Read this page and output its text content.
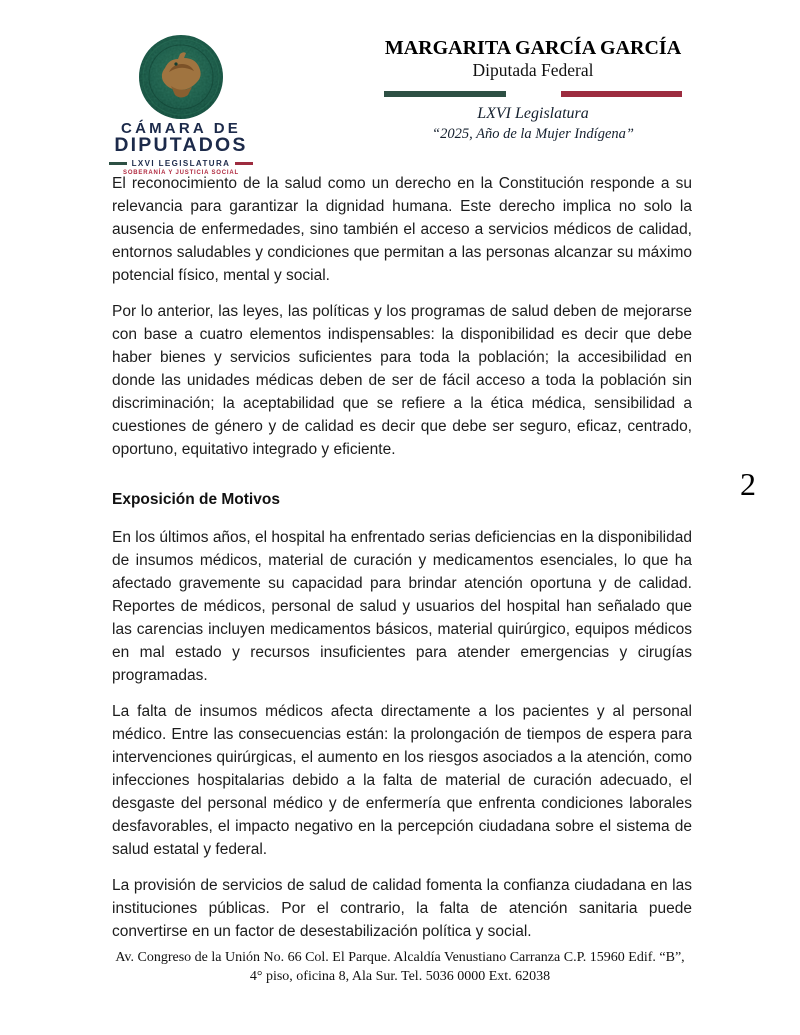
CÁMARA DE
DIPUTADOS
LXVI LEGISLATURA
SOBERANÍA Y JUSTICIA SOCIAL
MARGARITA GARCÍA GARCÍA
Diputada Federal
LXVI Legislatura
“2025, Año de la Mujer Indígena”
2

El reconocimiento de la salud como un derecho en la Constitución responde a su relevancia para garantizar la dignidad humana. Este derecho implica no solo la ausencia de enfermedades, sino también el acceso a servicios médicos de calidad, entornos saludables y condiciones que permitan a las personas alcanzar su máximo potencial físico, mental y social.

Por lo anterior, las leyes, las políticas y los programas de salud deben de mejorarse con base a cuatro elementos indispensables: la disponibilidad es decir que debe haber bienes y servicios suficientes para toda la población; la accesibilidad en donde las unidades médicas deben de ser de fácil acceso a toda la población sin discriminación; la aceptabilidad que se refiere a la ética médica, sensibilidad a cuestiones de género y de calidad es decir que debe ser seguro, eficaz, centrado, oportuno, equitativo integrado y eficiente.

Exposición de Motivos

En los últimos años, el hospital ha enfrentado serias deficiencias en la disponibilidad de insumos médicos, material de curación y medicamentos esenciales, lo que ha afectado gravemente su capacidad para brindar atención oportuna y de calidad. Reportes de médicos, personal de salud y usuarios del hospital han señalado que las carencias incluyen medicamentos básicos, material quirúrgico, equipos médicos en mal estado y recursos insuficientes para atender emergencias y cirugías programadas.

La falta de insumos médicos afecta directamente a los pacientes y al personal médico. Entre las consecuencias están: la prolongación de tiempos de espera para intervenciones quirúrgicas, el aumento en los riesgos asociados a la atención, como infecciones hospitalarias debido a la falta de material de curación adecuado, el desgaste del personal médico y de enfermería que enfrenta condiciones laborales desfavorables, el impacto negativo en la percepción ciudadana sobre el sistema de salud estatal y federal.

La provisión de servicios de salud de calidad fomenta la confianza ciudadana en las instituciones públicas. Por el contrario, la falta de atención sanitaria puede convertirse en un factor de desestabilización política y social.

Av. Congreso de la Unión No. 66 Col. El Parque. Alcaldía Venustiano Carranza C.P. 15960 Edif. “B”,
4° piso, oficina 8, Ala Sur. Tel. 5036 0000 Ext. 62038
